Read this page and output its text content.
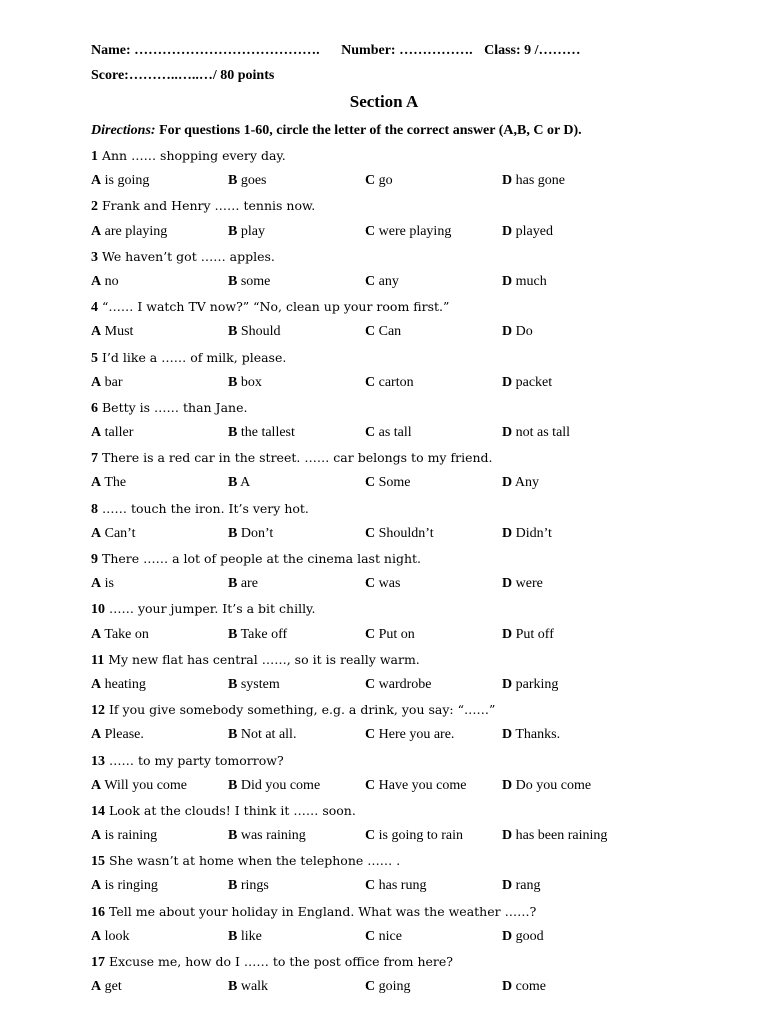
Name: …………………………………. Number: ……………. Class: 9 /………
Score:………..…..…/ 80 points
Section A
Directions: For questions 1-60, circle the letter of the correct answer (A,B, C or D).
1 Ann …… shopping every day.
A is going	B goes	C go	D has gone
2 Frank and Henry …… tennis now.
A are playing	B play	C were playing	D played
3 We haven’t got …… apples.
A no	B some	C any	D much
4 “…… I watch TV now?” “No, clean up your room first.”
A Must	B Should	C Can	D Do
5 I’d like a …… of milk, please.
A bar	B box	C carton	D packet
6 Betty is …… than Jane.
A taller	B the tallest	C as tall	D not as tall
7 There is a red car in the street. …… car belongs to my friend.
A The	B A	C Some	D Any
8 …… touch the iron. It’s very hot.
A Can’t	B Don’t	C Shouldn’t	D Didn’t
9 There …… a lot of people at the cinema last night.
A is	B are	C was	D were
10 …… your jumper. It’s a bit chilly.
A Take on	B Take off	C Put on	D Put off
11 My new flat has central ……, so it is really warm.
A heating	B system	C wardrobe	D parking
12 If you give somebody something, e.g. a drink, you say: “……”
A Please.	B Not at all.	C Here you are.	D Thanks.
13 …… to my party tomorrow?
A Will you come	B Did you come	C Have you come	D Do you come
14 Look at the clouds! I think it …… soon.
A is raining	B was raining	C is going to rain	D has been raining
15 She wasn’t at home when the telephone …… .
A is ringing	B rings	C has rung	D rang
16 Tell me about your holiday in England. What was the weather ……?
A look	B like	C nice	D good
17 Excuse me, how do I …… to the post office from here?
A get	B walk	C going	D come
